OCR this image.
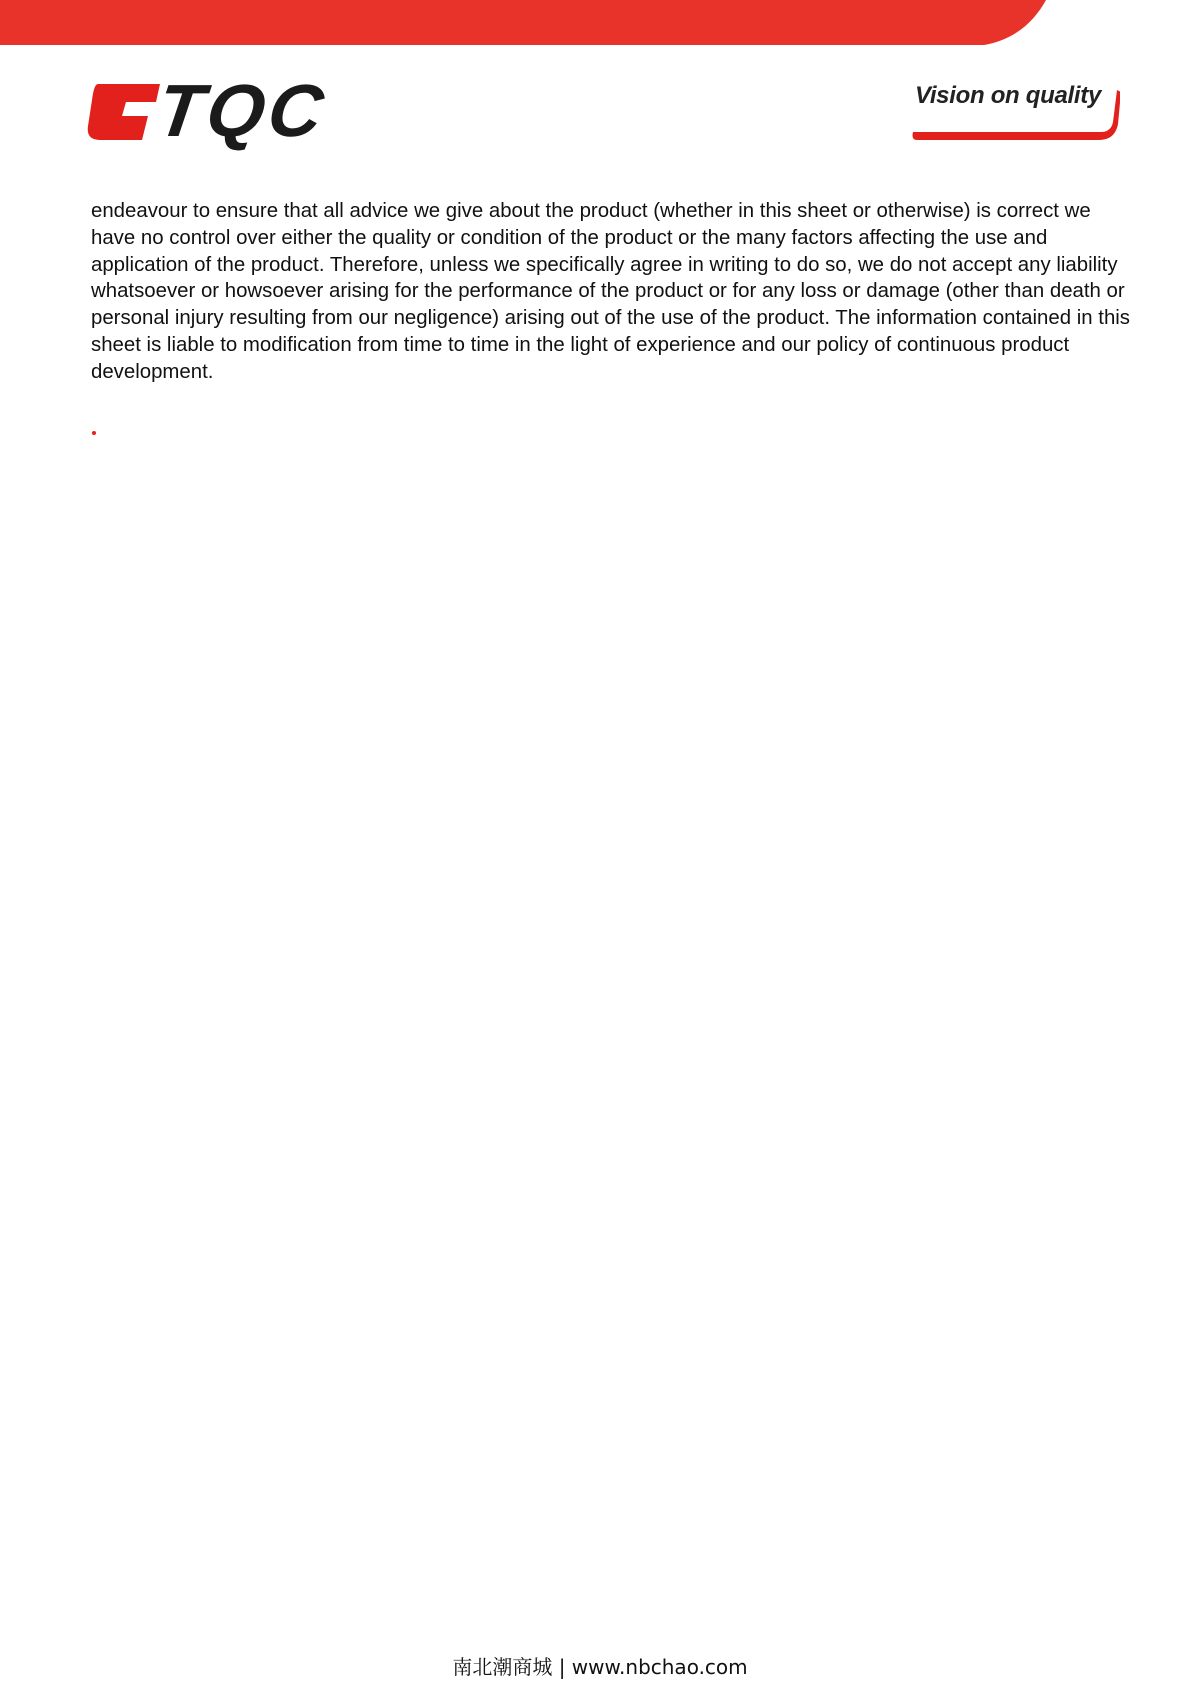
TQC	Vision on quality

endeavour to ensure that all advice we give about the product (whether in this sheet or otherwise) is correct we have no control over either the quality or condition of the product or the many factors affecting the use and application of the product. Therefore, unless we specifically agree in writing to do so, we do not accept any liability whatsoever or howsoever arising for the performance of the product or for any loss or damage (other than death or personal injury resulting from our negligence) arising out of the use of the product. The information contained in this sheet is liable to modification from time to time in the light of experience and our policy of continuous product development.

南北潮商城 | www.nbchao.com
